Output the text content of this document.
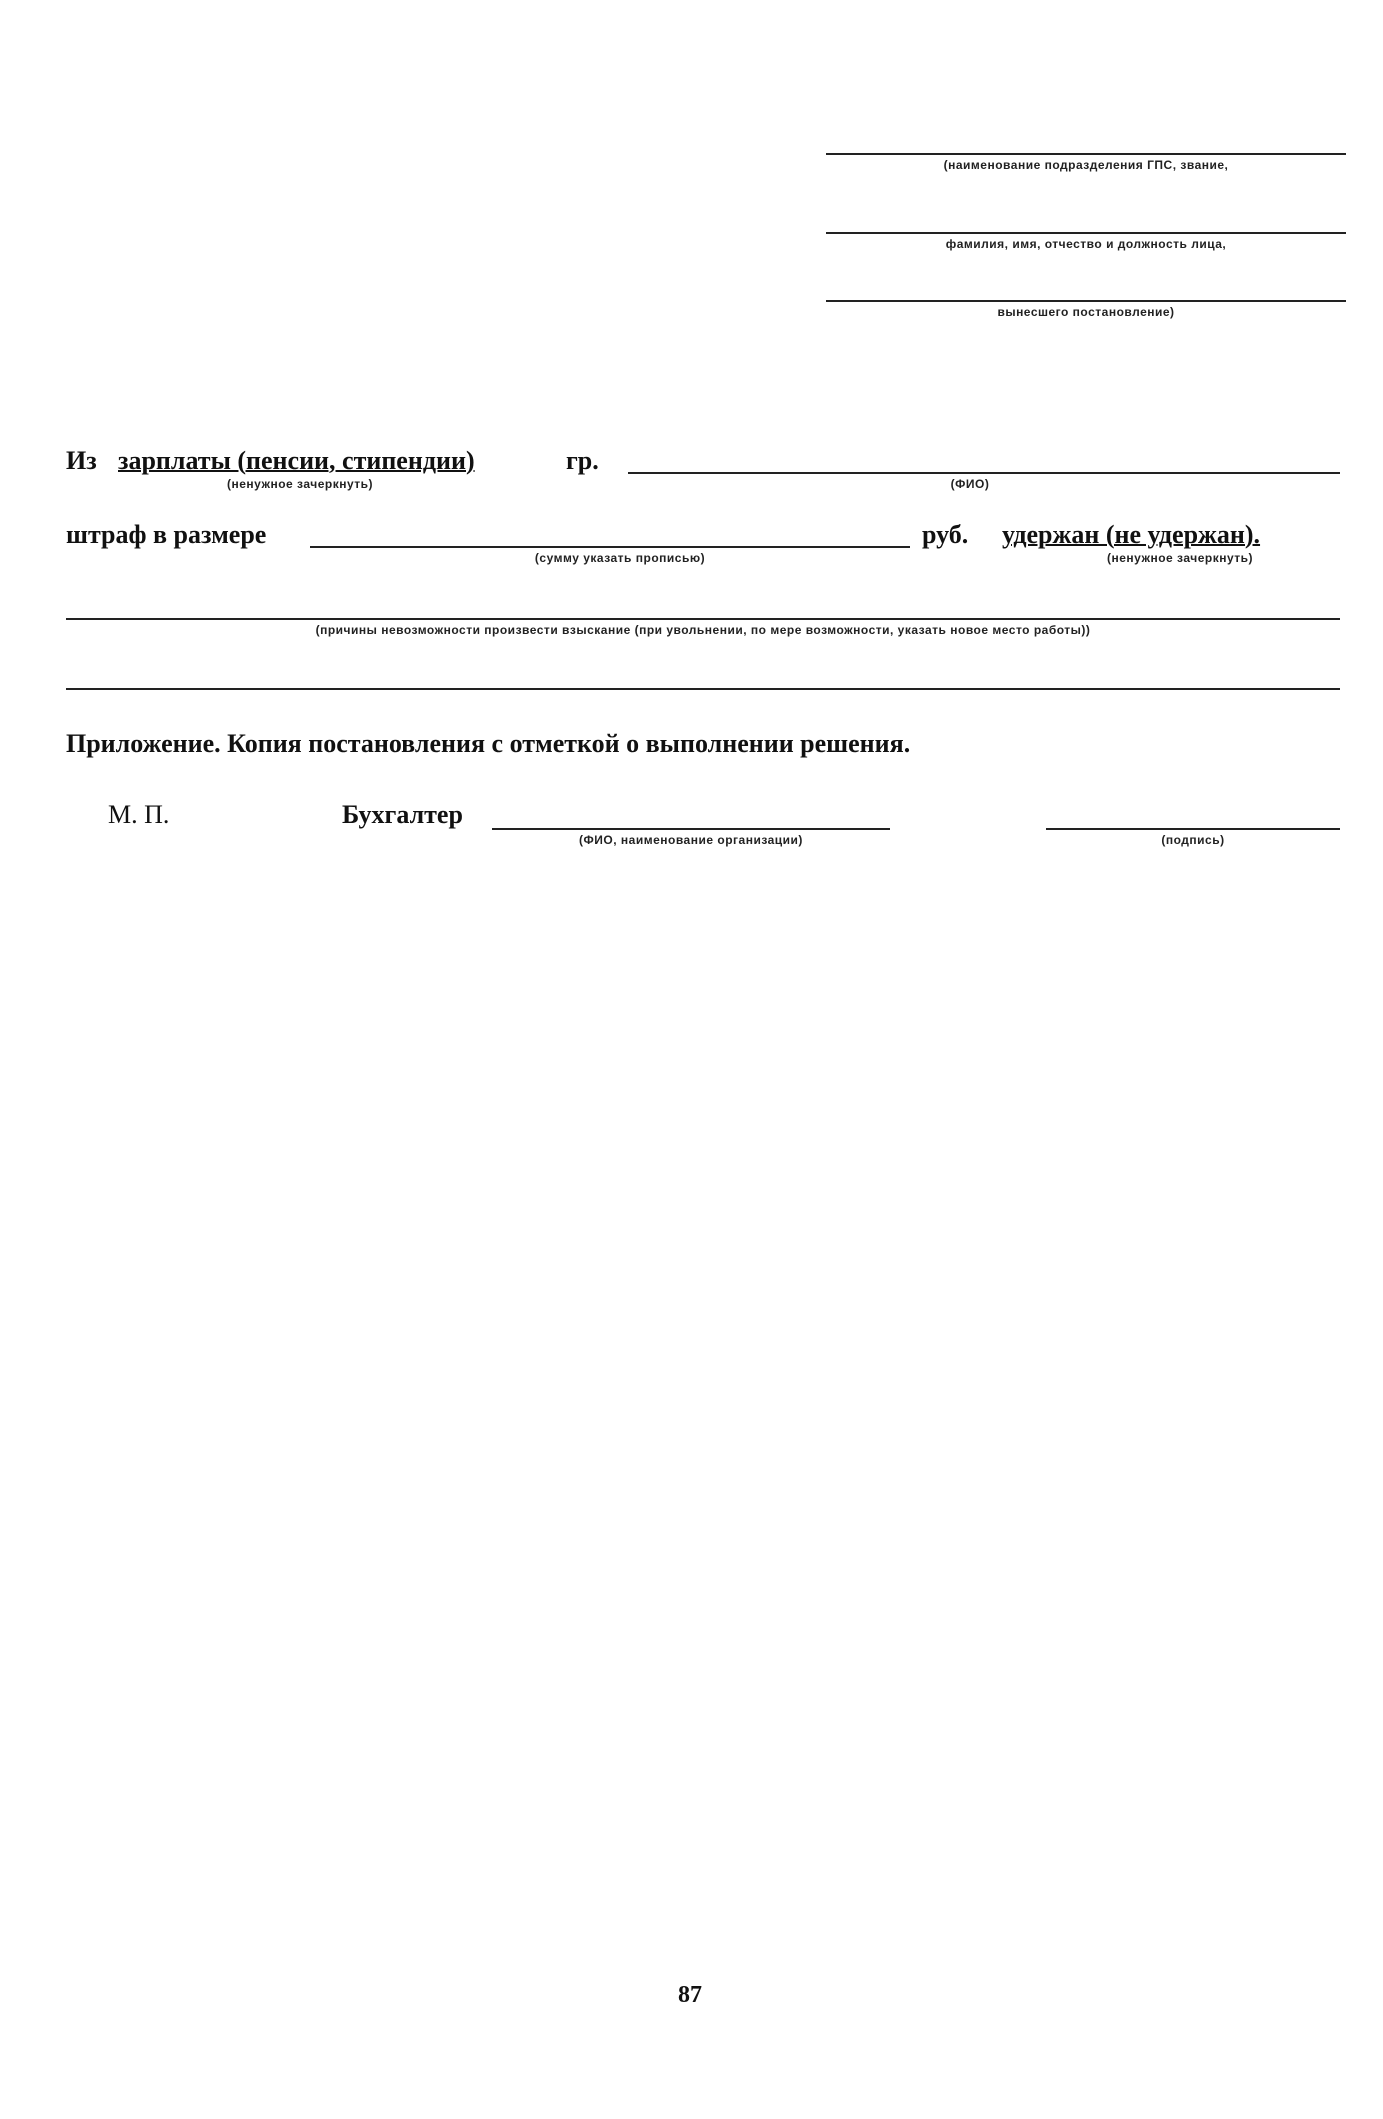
(наименование подразделения ГПС, звание,
фамилия, имя, отчество и должность лица,
вынесшего постановление)
Из зарплаты (пенсии, стипендии)	гр.
(ненужное зачеркнуть)	(ФИО)
штраф в размере	руб. удержан (не удержан).
(сумму указать прописью)	(ненужное зачеркнуть)
(причины невозможности произвести взыскание (при увольнении, по мере возможности, указать новое место работы))
Приложение. Копия постановления с отметкой о выполнении решения.
М. П.	Бухгалтер
(ФИО, наименование организации)	(подпись)
87
